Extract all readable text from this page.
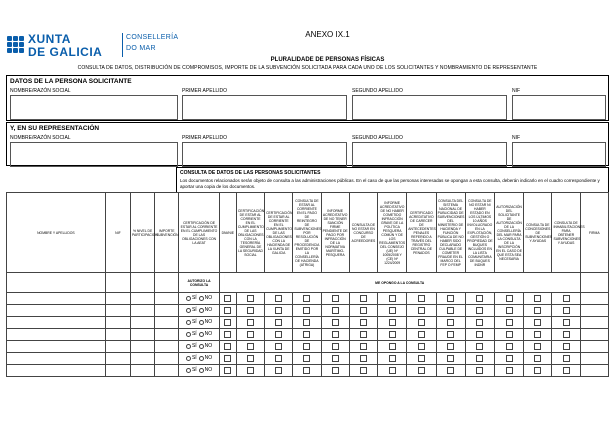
XUNTA
DE GALICIA
CONSELLERÍA
DO MAR
ANEXO IX.1
PLURALIDADE DE PERSONAS FÍSICAS
CONSULTA DE DATOS, DISTRIBUCIÓN DE COMPROMISOS, IMPORTE DE LA SUBVENCIÓN SOLICITADA PARA CADA UNO DE LOS SOLICITANTES Y NOMBRAMIENTO DE REPRESENTANTE
DATOS DE LA PERSONA SOLICITANTE
NOMBRE/RAZÓN SOCIAL	PRIMER APELLIDO	SEGUNDO APELLIDO	NIF
Y, EN SU REPRESENTACIÓN
NOMBRE/RAZÓN SOCIAL	PRIMER APELLIDO	SEGUNDO APELLIDO	NIF
CONSULTA DE DATOS DE LAS PERSONAS SOLICITANTES
Los documentos relacionados serán objeto de consulta a las administraciones públicas. En el caso de que las personas interesadas se opongan a esta consulta, deberán indicarlo en el cuadro correspondiente y aportar una copia de los documentos.
NOMBRE Y APELLIDOS	NIF	% NIVEL DE PARTICIPACIÓN	IMPORTE SUBVENCIÓN	CERTIFICACIÓN DE ESTAR AL CORRIENTE EN EL CUMPLIMIENTO DE LAS OBLIGACIONES CON LA AEAT	DNI/NIE	CERTIFICACIÓN DE ESTAR AL CORRIENTE EN EL CUMPLIMIENTO DE LAS OBLIGACIONES CON LA TESORERÍA GENERAL DE LA SEGURIDAD SOCIAL	CERTIFICACIÓN DE ESTAR AL CORRIENTE EN EL CUMPLIMIENTO DE LAS OBLIGACIONES CON LA HACIENDA DE LA XUNTA DE GALICIA	CONSULTA DE ESTAR AL CORRIENTE EN EL PAGO DE REINTEGRO DE SUBVENCIONES POR RESOLUCIÓN DE PROCEDENCIA EMITIDO POR LA CONSELLERÍA DE HACIENDA (ATRIGA)	INFORME ACREDITATIVO DE NO TENER SANCIÓN FIRME PENDIENTE DE PAGO POR INFRACCIÓN DE LA NORMATIVA MARÍTIMO-PESQUERA	CONSULTA DE NO ESTAR EN CONCURSO DE ACREEDORES	INFORME ACREDITATIVO DE NO HABER COMETIDO INFRACCIÓN GRAVE DE LA POLÍTICA PESQUERA COMÚN Y DE LOS REGLAMENTOS DEL CONSEJO (UE) Nº 1005/2008 Y (CE) Nº 1224/2009	CERTIFICADO ACREDITATIVO DE CARECER DE ANTECEDENTES PENALES REFERIDO A TRAVÉS DEL REGISTRO CENTRAL DE PENADOS	CONSULTA DEL SISTEMA NACIONAL DE PUBLICIDAD DE SUBVENCIONES DEL MINISTERIO DE HACIENDA Y FUNCIÓN PÚBLICA DE NO HABER SIDO DECLARADO CULPABLE DE COMETER FRAUDE EN EL MARCO DEL FEP O FEMP	CONSULTA DE NO ESTAR NI HABER ESTADO EN LOS ÚLTIMOS 10 AÑOS INVOLUCRADO EN LA EXPLOTACIÓN, GESTIÓN O PROPIEDAD DE BUQUES INCLUIDOS EN LA LISTA COMUNITARIA DE BUQUES INDNR	AUTORIZACIÓN DEL SOLICITANTE DE AUTORIZACIÓN DE LA CONSELLERÍA DEL MAR PARA LA CONSULTA DE LA INSCRIPCIÓN EN EL CASO DE QUE ESTA SEA NECESARIA	CONSULTA DE CONCESIONES DE SUBVENCIONES Y AYUDAS	CONSULTA DE INHABILITACIONES PARA OBTENER SUBVENCIONES Y AYUDAS	FIRMA
				AUTORIZO LA CONSULTA	ME OPONGO A LA CONSULTA													

				SÍ NO														

				SÍ NO														

				SÍ NO														

				SÍ NO														

				SÍ NO														

				SÍ NO														

				SÍ NO														
